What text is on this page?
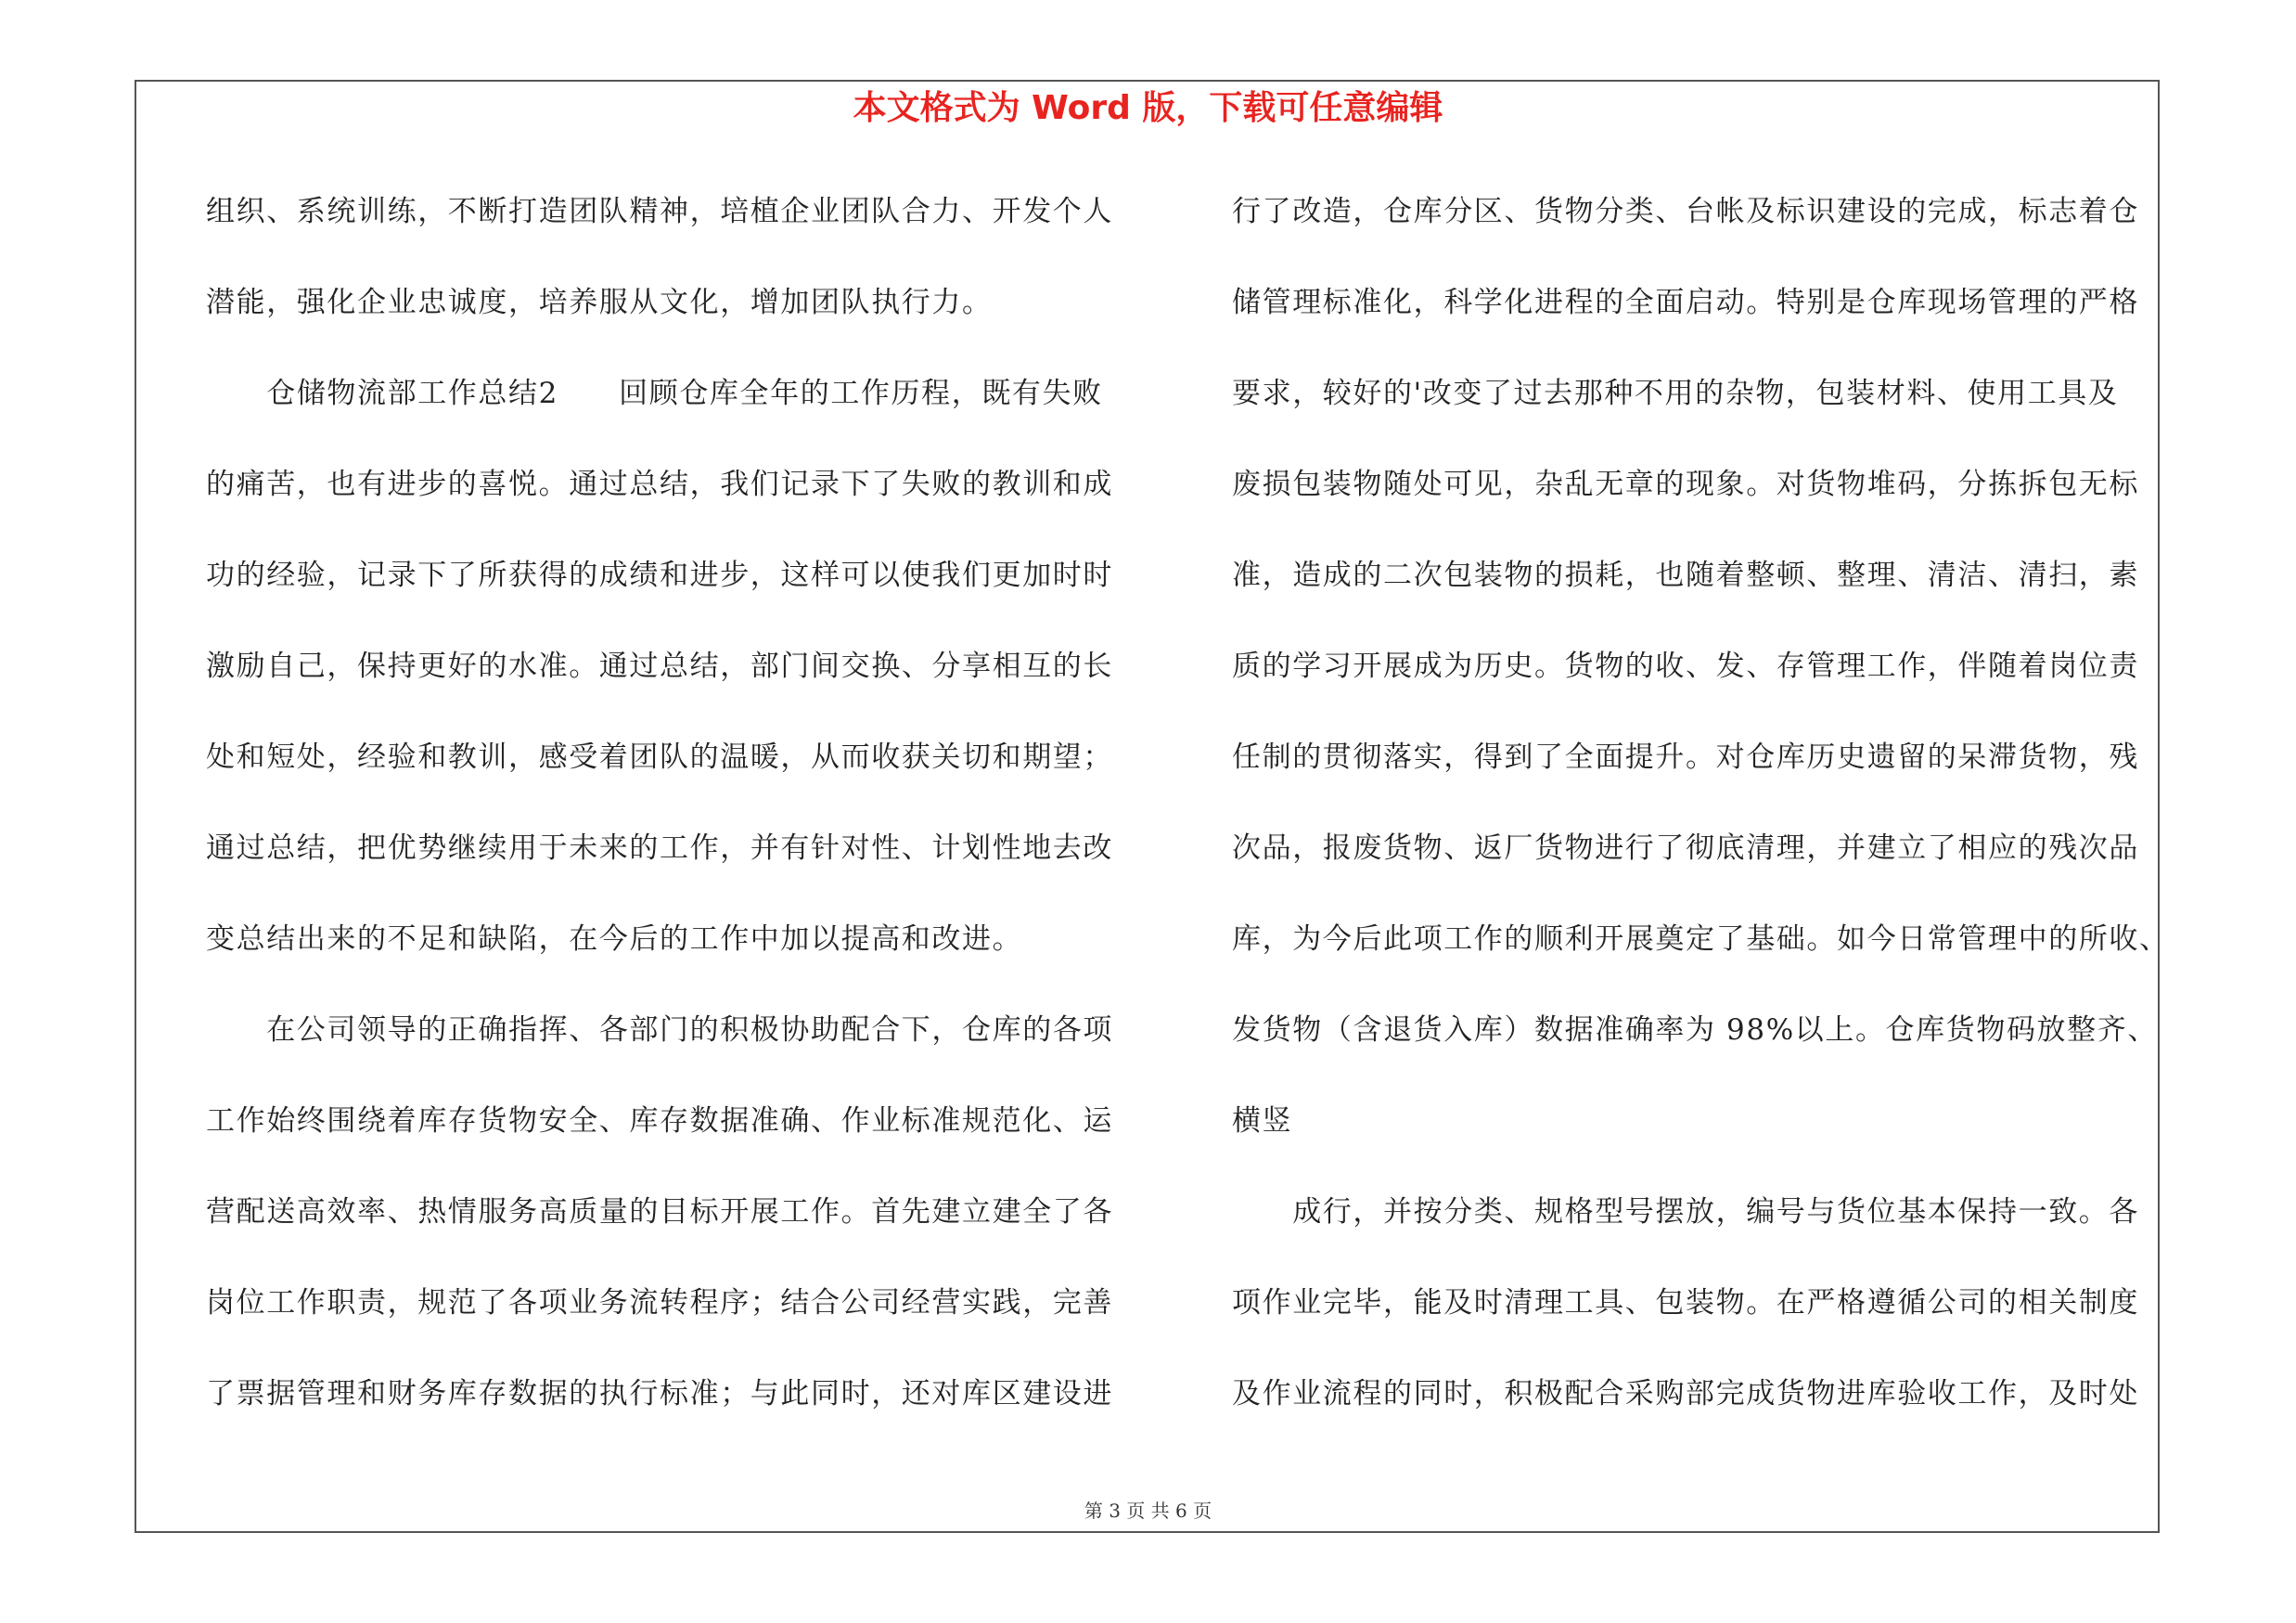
本文格式为 Word 版，下载可任意编辑
组织、系统训练，不断打造团队精神，培植企业团队合力、开发个人
潜能，强化企业忠诚度，培养服从文化，增加团队执行力。
　　仓储物流部工作总结2　　回顾仓库全年的工作历程，既有失败
的痛苦，也有进步的喜悦。通过总结，我们记录下了失败的教训和成
功的经验，记录下了所获得的成绩和进步，这样可以使我们更加时时
激励自己，保持更好的水准。通过总结，部门间交换、分享相互的长
处和短处，经验和教训，感受着团队的温暖，从而收获关切和期望；
通过总结，把优势继续用于未来的工作，并有针对性、计划性地去改
变总结出来的不足和缺陷，在今后的工作中加以提高和改进。
　　在公司领导的正确指挥、各部门的积极协助配合下，仓库的各项
工作始终围绕着库存货物安全、库存数据准确、作业标准规范化、运
营配送高效率、热情服务高质量的目标开展工作。首先建立建全了各
岗位工作职责，规范了各项业务流转程序；结合公司经营实践，完善
了票据管理和财务库存数据的执行标准；与此同时，还对库区建设进
行了改造，仓库分区、货物分类、台帐及标识建设的完成，标志着仓
储管理标准化，科学化进程的全面启动。特别是仓库现场管理的严格
要求，较好的'改变了过去那种不用的杂物，包装材料、使用工具及
废损包装物随处可见，杂乱无章的现象。对货物堆码，分拣拆包无标
准，造成的二次包装物的损耗，也随着整顿、整理、清洁、清扫，素
质的学习开展成为历史。货物的收、发、存管理工作，伴随着岗位责
任制的贯彻落实，得到了全面提升。对仓库历史遗留的呆滞货物，残
次品，报废货物、返厂货物进行了彻底清理，并建立了相应的残次品
库，为今后此项工作的顺利开展奠定了基础。如今日常管理中的所收、
发货物（含退货入库）数据准确率为 98%以上。仓库货物码放整齐、
横竖
　　成行，并按分类、规格型号摆放，编号与货位基本保持一致。各
项作业完毕，能及时清理工具、包装物。在严格遵循公司的相关制度
及作业流程的同时，积极配合采购部完成货物进库验收工作，及时处
第 3 页 共 6 页
